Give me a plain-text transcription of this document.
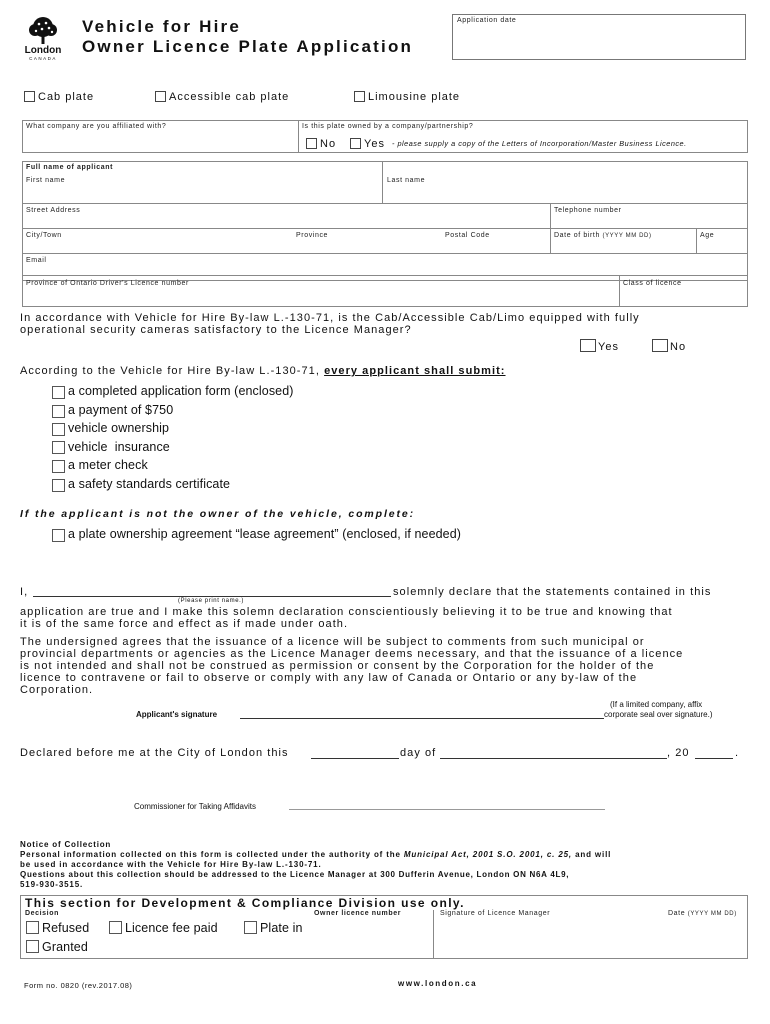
London
CANADA
Vehicle for Hire
Owner Licence Plate Application
Application date
Cab plate	Accessible cab plate	Limousine plate
What company are you affiliated with?	Is this plate owned by a company/partnership?
No	Yes - please supply a copy of the Letters of Incorporation/Master Business Licence.
Full name of applicant
First name	Last name
Street Address	Telephone number
City/Town	Province	Postal Code	Date of birth (YYYY MM DD)	Age
Email
Province of Ontario Driver's Licence number	Class of licence
In accordance with Vehicle for Hire By-law L.-130-71, is the Cab/Accessible Cab/Limo equipped with fully
operational security cameras satisfactory to the Licence Manager?
Yes	No
According to the Vehicle for Hire By-law L.-130-71, every applicant shall submit:
a completed application form (enclosed)
a payment of $750
vehicle ownership
vehicle  insurance
a meter check
a safety standards certificate
If the applicant is not the owner of the vehicle, complete:
a plate ownership agreement “lease agreement” (enclosed, if needed)
I,
(Please print name.)
solemnly declare that the statements contained in this
application are true and I make this solemn declaration conscientiously believing it to be true and knowing that
it is of the same force and effect as if made under oath.
The undersigned agrees that the issuance of a licence will be subject to comments from such municipal or
provincial departments or agencies as the Licence Manager deems necessary, and that the issuance of a licence
is not intended and shall not be construed as permission or consent by the Corporation for the holder of the
licence to contravene or fail to observe or comply with any law of Canada or Ontario or any by-law of the
Corporation.
(If a limited company, affix
Applicant's signature	corporate seal over signature.)
Declared before me at the City of London this	day of	, 20	.
Commissioner for Taking Affidavits
Notice of Collection
Personal information collected on this form is collected under the authority of the Municipal Act, 2001 S.O. 2001, c. 25, and will
be used in accordance with the Vehicle for Hire By-law L.-130-71.
Questions about this collection should be addressed to the Licence Manager at 300 Dufferin Avenue, London ON N6A 4L9,
519-930-3515.
This section for Development & Compliance Division use only.
Decision	Owner licence number	Signature of Licence Manager	Date (YYYY MM DD)
Refused	Licence fee paid	Plate in
Granted
Form no. 0820 (rev.2017.08)	www.london.ca
